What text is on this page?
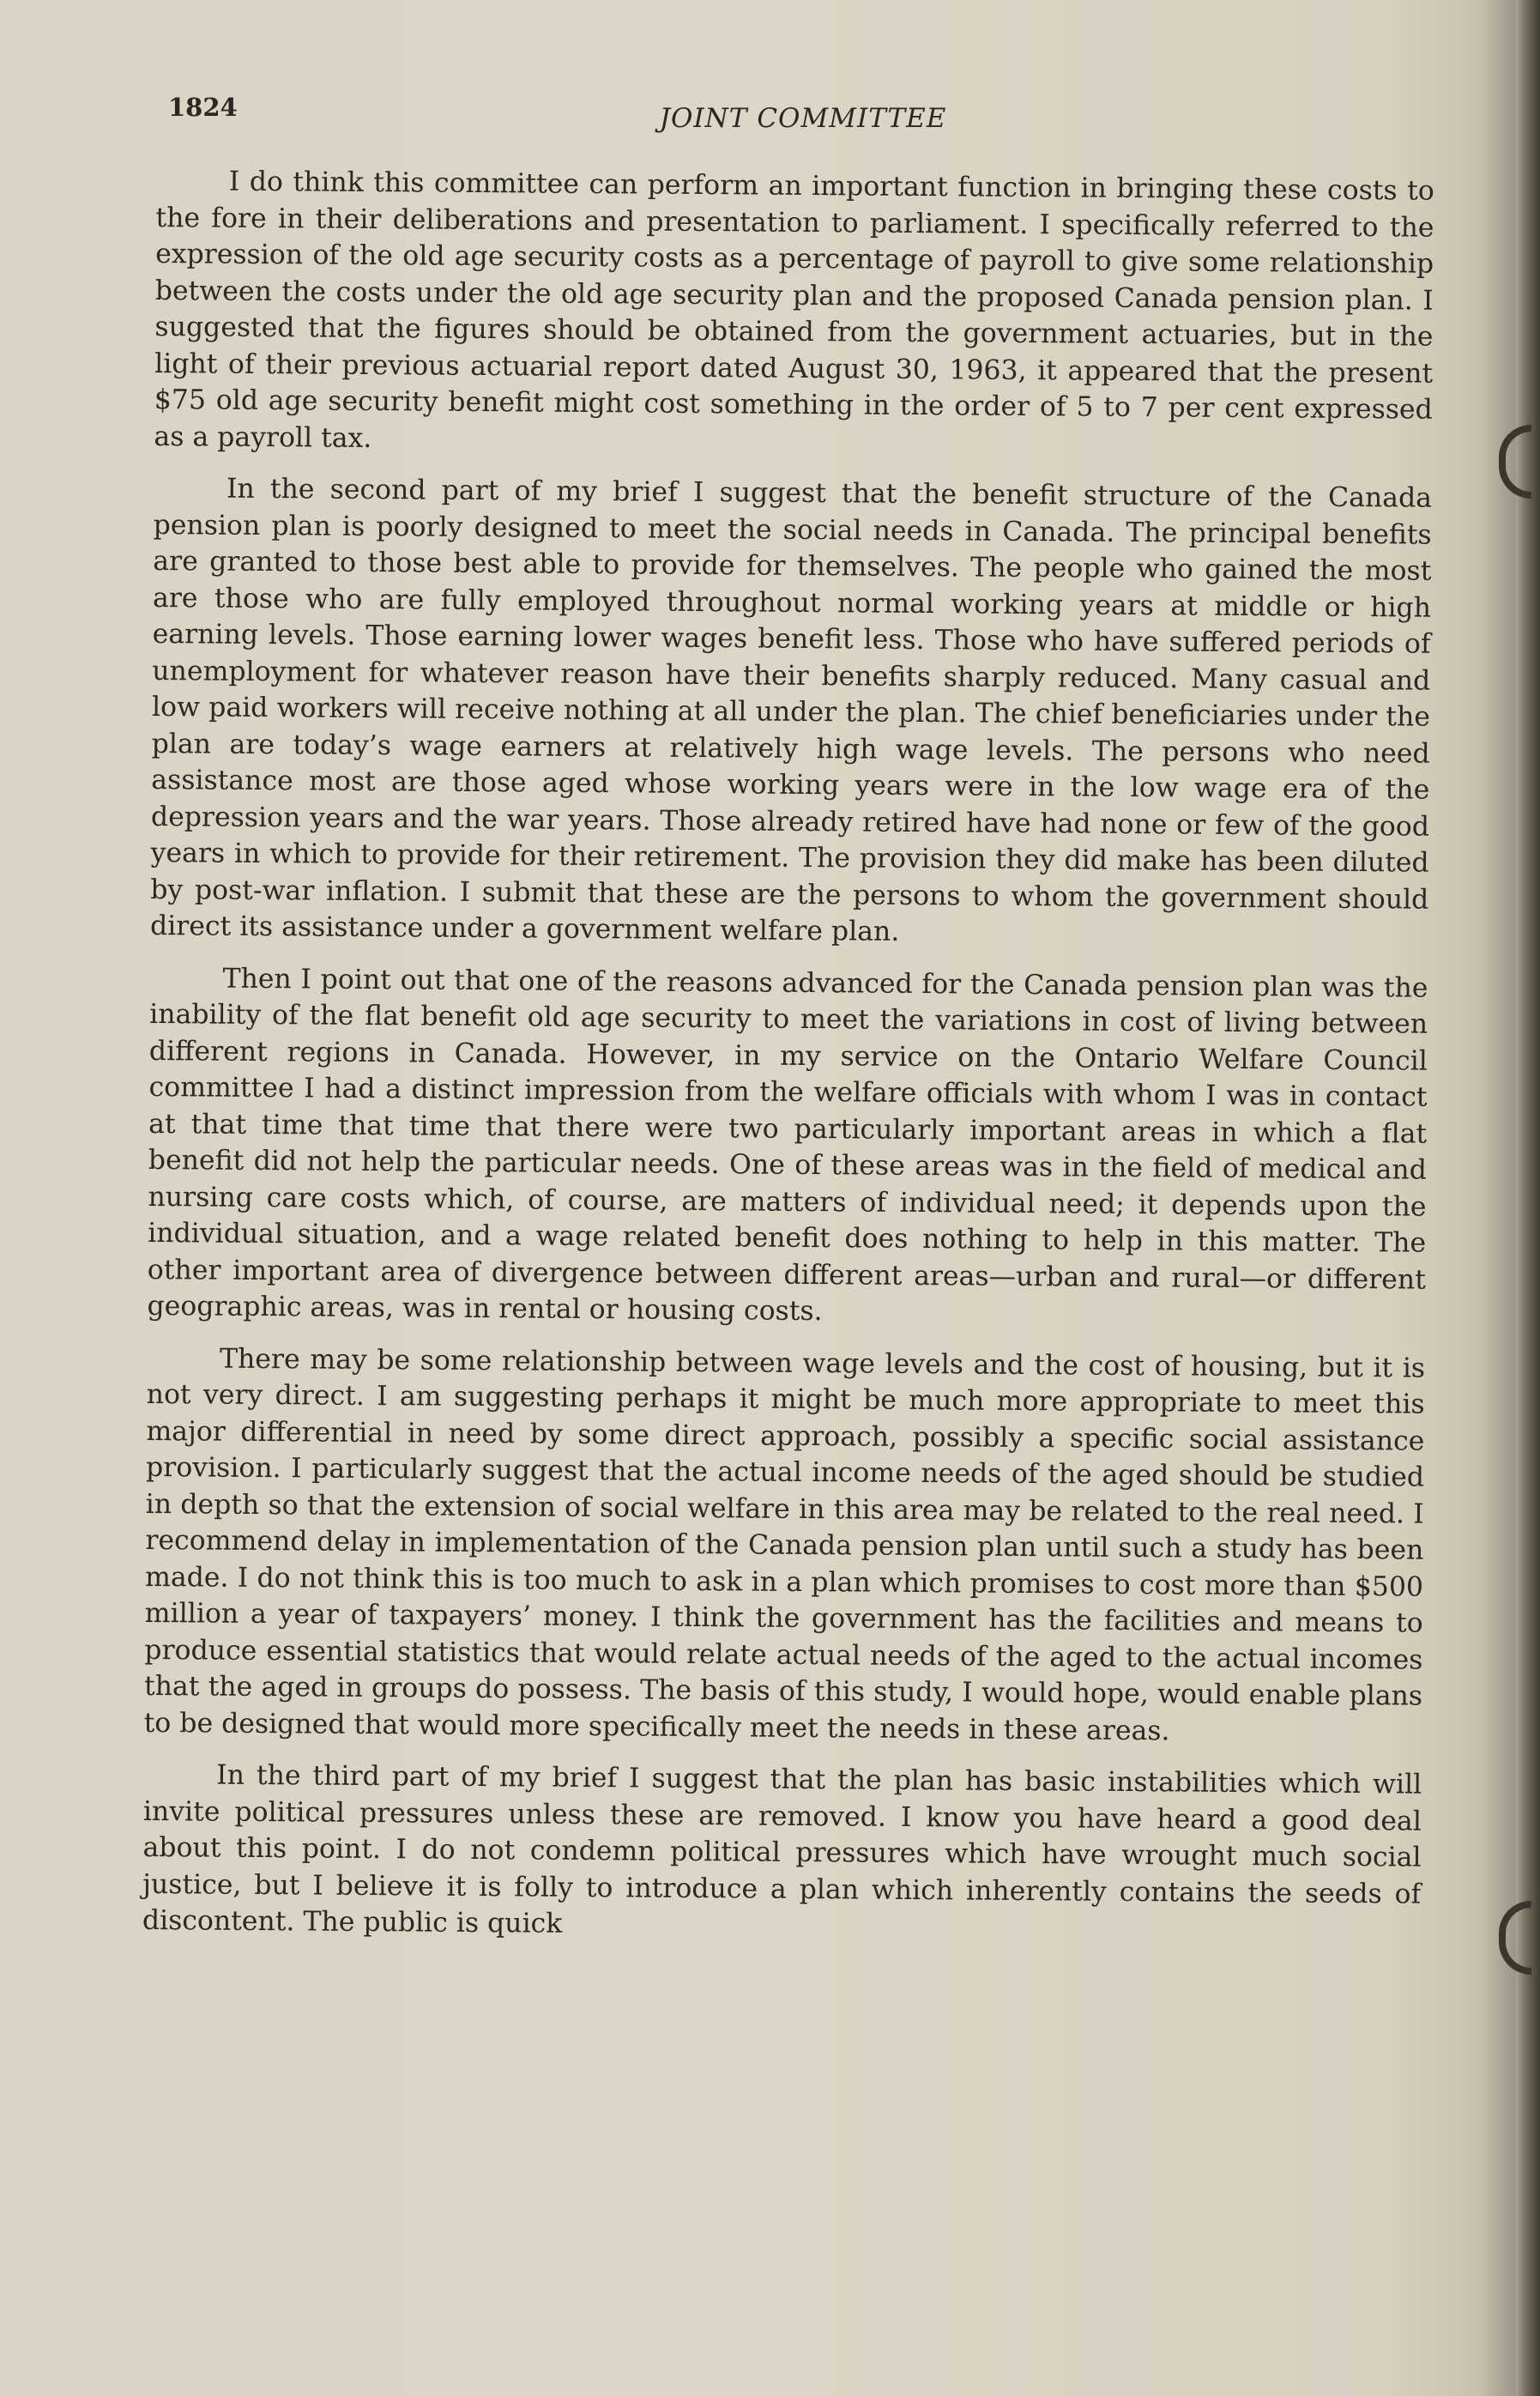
1824	JOINT COMMITTEE

I do think this committee can perform an important function in bringing these costs to the fore in their deliberations and presentation to parliament. I specifically referred to the expression of the old age security costs as a percentage of payroll to give some relationship between the costs under the old age security plan and the proposed Canada pension plan. I suggested that the figures should be obtained from the government actuaries, but in the light of their previous actuarial report dated August 30, 1963, it appeared that the present $75 old age security benefit might cost something in the order of 5 to 7 per cent expressed as a payroll tax.

In the second part of my brief I suggest that the benefit structure of the Canada pension plan is poorly designed to meet the social needs in Canada. The principal benefits are granted to those best able to provide for themselves. The people who gained the most are those who are fully employed throughout normal working years at middle or high earning levels. Those earning lower wages benefit less. Those who have suffered periods of unemployment for whatever reason have their benefits sharply reduced. Many casual and low paid workers will receive nothing at all under the plan. The chief beneficiaries under the plan are today’s wage earners at relatively high wage levels. The persons who need assistance most are those aged whose working years were in the low wage era of the depression years and the war years. Those already retired have had none or few of the good years in which to provide for their retirement. The provision they did make has been diluted by post-war inflation. I submit that these are the persons to whom the government should direct its assistance under a government welfare plan.

Then I point out that one of the reasons advanced for the Canada pension plan was the inability of the flat benefit old age security to meet the variations in cost of living between different regions in Canada. However, in my service on the Ontario Welfare Council committee I had a distinct impression from the welfare officials with whom I was in contact at that time that time that there were two particularly important areas in which a flat benefit did not help the particular needs. One of these areas was in the field of medical and nursing care costs which, of course, are matters of individual need; it depends upon the individual situation, and a wage related benefit does nothing to help in this matter. The other important area of divergence between different areas—urban and rural—or different geographic areas, was in rental or housing costs.

There may be some relationship between wage levels and the cost of housing, but it is not very direct. I am suggesting perhaps it might be much more appropriate to meet this major differential in need by some direct approach, possibly a specific social assistance provision. I particularly suggest that the actual income needs of the aged should be studied in depth so that the extension of social welfare in this area may be related to the real need. I recommend delay in implementation of the Canada pension plan until such a study has been made. I do not think this is too much to ask in a plan which promises to cost more than $500 million a year of taxpayers’ money. I think the government has the facilities and means to produce essential statistics that would relate actual needs of the aged to the actual incomes that the aged in groups do possess. The basis of this study, I would hope, would enable plans to be designed that would more specifically meet the needs in these areas.

In the third part of my brief I suggest that the plan has basic instabilities which will invite political pressures unless these are removed. I know you have heard a good deal about this point. I do not condemn political pressures which have wrought much social justice, but I believe it is folly to introduce a plan which inherently contains the seeds of discontent. The public is quick
